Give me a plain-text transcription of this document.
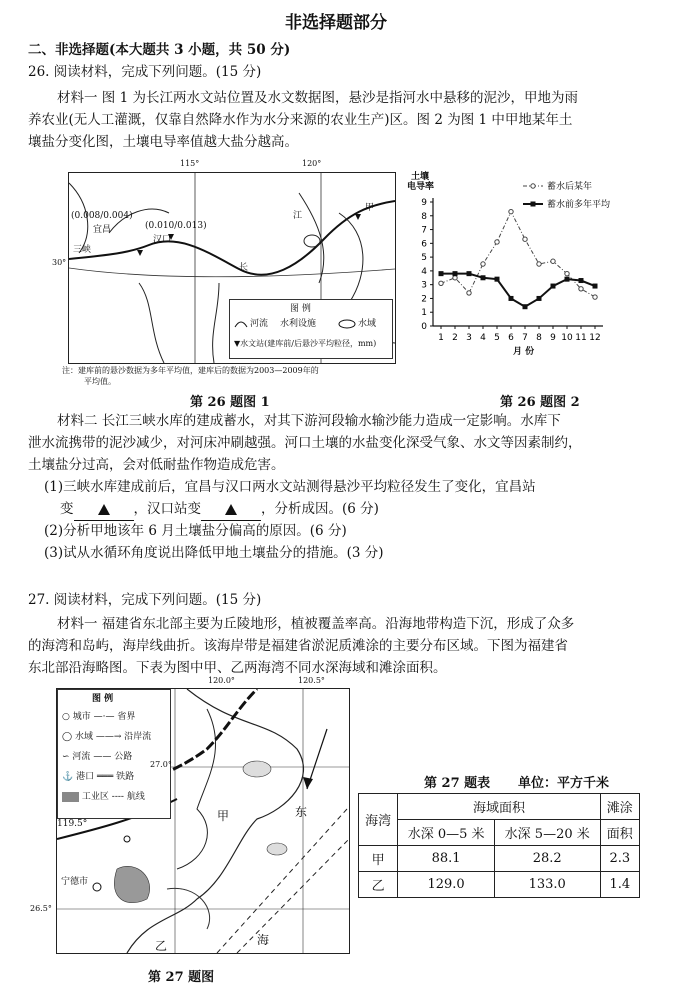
非选择题部分
二、非选择题(本大题共 3 小题，共 50 分)
26. 阅读材料，完成下列问题。(15 分)
材料一 图 1 为长江两水文站位置及水文数据图，悬沙是指河水中悬移的泥沙，甲地为雨
养农业(无人工灌溉，仅靠自然降水作为水分来源的农业生产)区。图 2 为图 1 中甲地某年土
壤盐分变化图，土壤电导率值越大盐分越高。
115°	120°
(0.008/0.004)
(0.010/0.013)
宜昌
汉口
三峡
江
长
甲
图 例
河流 水利设施	水域
▼水文站(建库前/后悬沙平均粒径，mm)
30°
注：建库前的悬沙数据为多年平均值，建库后的数据为2003—2009年的
平均值。
土壤
电导率
0
1
2
3
4
5
6
7
8
9
1 2 3 4 5 6 7 8 9 10 11 12
蓄水后某年
蓄水前多年平均
月 份
第 26 题图 1	第 26 题图 2
材料二 长江三峡水库的建成蓄水，对其下游河段输水输沙能力造成一定影响。水库下
泄水流携带的泥沙减少，对河床冲刷越强。河口土壤的水盐变化深受气象、水文等因素制约，
土壤盐分过高，会对低耐盐作物造成危害。
(1)三峡水库建成前后，宜昌与汉口两水文站测得悬沙平均粒径发生了变化，宜昌站
变	，汉口站变	，分析成因。(6 分)
(2)分析甲地该年 6 月土壤盐分偏高的原因。(6 分)
(3)试从水循环角度说出降低甲地土壤盐分的措施。(3 分)
27. 阅读材料，完成下列问题。(15 分)
材料一 福建省东北部主要为丘陵地形，植被覆盖率高。沿海地带构造下沉，形成了众多
的海湾和岛屿，海岸线曲折。该海岸带是福建省淤泥质滩涂的主要分布区域。下图为福建省
东北部沿海略图。下表为图中甲、乙两海湾不同水深海域和滩涂面积。
120.0°	120.5°
图 例
○ 城市 —·— 省界
◯ 水域 ——→ 沿岸流
∽ 河流 —— 公路
⚓ 港口 ═══ 铁路
■■ 工业区 ---- 航线
119.5°
甲
乙
东
海
宁德市
27.0°
26.5°
第 27 题图
第 27 题表 单位：平方千米
海湾	海域面积		滩涂
	水深 0—5 米	水深 5—20 米	面积
甲	88.1	28.2	2.3
乙	129.0	133.0	1.4
